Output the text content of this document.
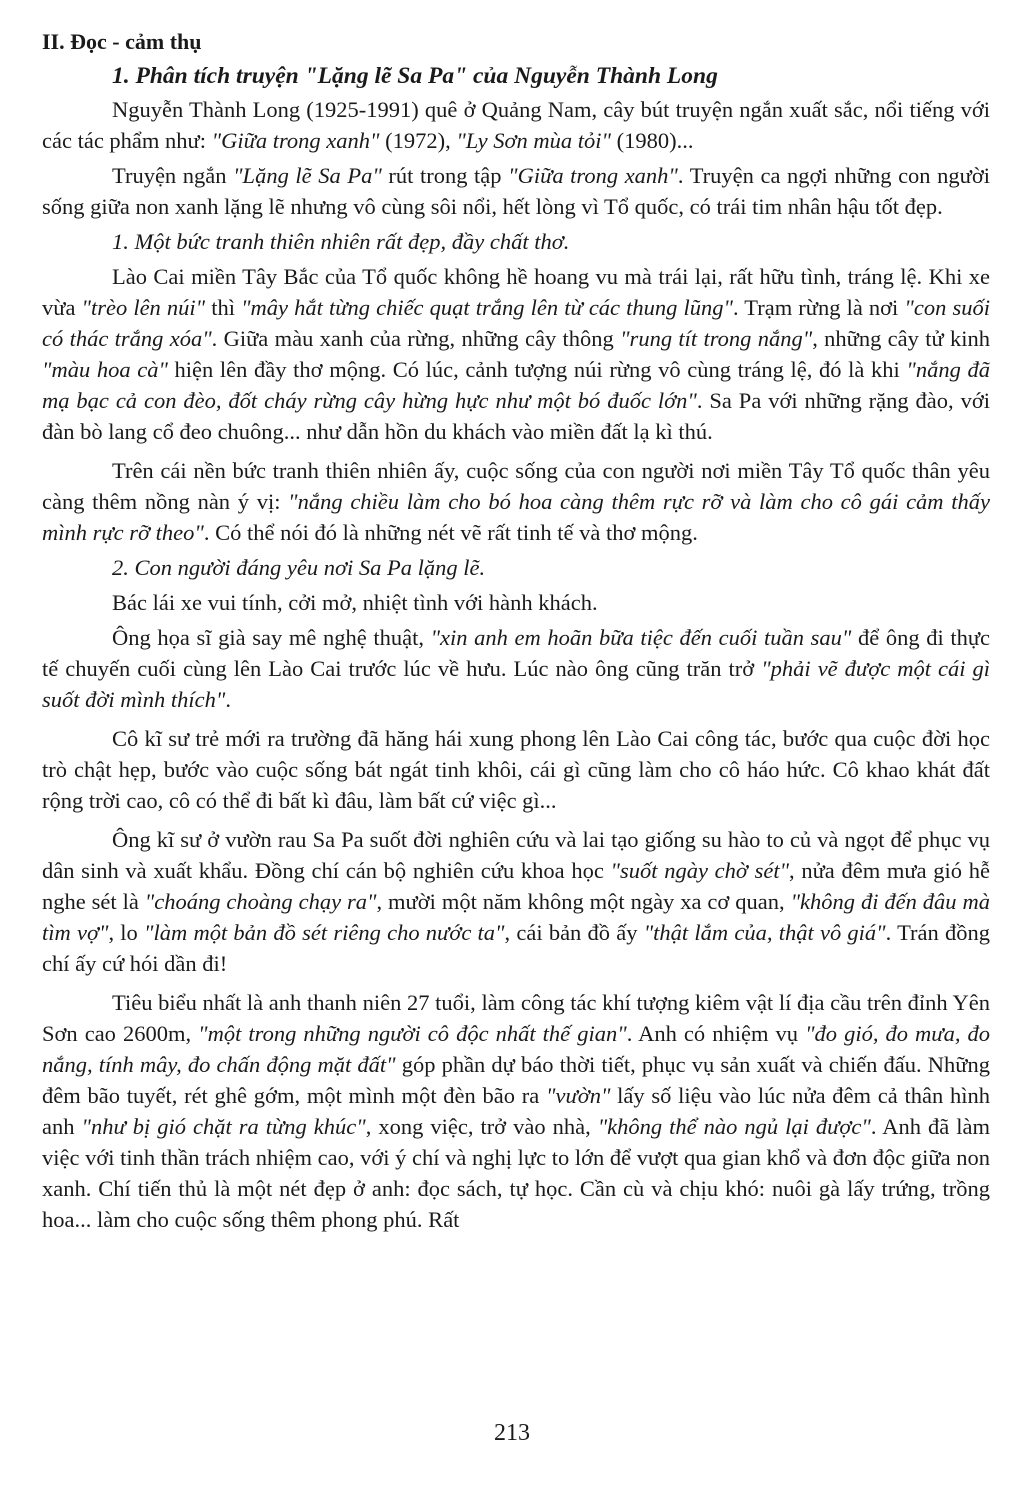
II. Đọc - cảm thụ
1. Phân tích truyện "Lặng lẽ Sa Pa" của Nguyễn Thành Long

Nguyễn Thành Long (1925-1991) quê ở Quảng Nam, cây bút truyện ngắn xuất sắc, nổi tiếng với các tác phẩm như: "Giữa trong xanh" (1972), "Ly Sơn mùa tỏi" (1980)...

Truyện ngắn "Lặng lẽ Sa Pa" rút trong tập "Giữa trong xanh". Truyện ca ngợi những con người sống giữa non xanh lặng lẽ nhưng vô cùng sôi nổi, hết lòng vì Tổ quốc, có trái tim nhân hậu tốt đẹp.

1. Một bức tranh thiên nhiên rất đẹp, đầy chất thơ.

Lào Cai miền Tây Bắc của Tổ quốc không hề hoang vu mà trái lại, rất hữu tình, tráng lệ. Khi xe vừa "trèo lên núi" thì "mây hắt từng chiếc quạt trắng lên từ các thung lũng". Trạm rừng là nơi "con suối có thác trắng xóa". Giữa màu xanh của rừng, những cây thông "rung tít trong nắng", những cây tử kinh "màu hoa cà" hiện lên đầy thơ mộng. Có lúc, cảnh tượng núi rừng vô cùng tráng lệ, đó là khi "nắng đã mạ bạc cả con đèo, đốt cháy rừng cây hừng hực như một bó đuốc lớn". Sa Pa với những rặng đào, với đàn bò lang cổ đeo chuông... như dẫn hồn du khách vào miền đất lạ kì thú.

Trên cái nền bức tranh thiên nhiên ấy, cuộc sống của con người nơi miền Tây Tổ quốc thân yêu càng thêm nồng nàn ý vị: "nắng chiều làm cho bó hoa càng thêm rực rỡ và làm cho cô gái cảm thấy mình rực rỡ theo". Có thể nói đó là những nét vẽ rất tinh tế và thơ mộng.

2. Con người đáng yêu nơi Sa Pa lặng lẽ.

Bác lái xe vui tính, cởi mở, nhiệt tình với hành khách.

Ông họa sĩ già say mê nghệ thuật, "xin anh em hoãn bữa tiệc đến cuối tuần sau" để ông đi thực tế chuyến cuối cùng lên Lào Cai trước lúc về hưu. Lúc nào ông cũng trăn trở "phải vẽ được một cái gì suốt đời mình thích".

Cô kĩ sư trẻ mới ra trường đã hăng hái xung phong lên Lào Cai công tác, bước qua cuộc đời học trò chật hẹp, bước vào cuộc sống bát ngát tinh khôi, cái gì cũng làm cho cô háo hức. Cô khao khát đất rộng trời cao, cô có thể đi bất kì đâu, làm bất cứ việc gì...

Ông kĩ sư ở vườn rau Sa Pa suốt đời nghiên cứu và lai tạo giống su hào to củ và ngọt để phục vụ dân sinh và xuất khẩu. Đồng chí cán bộ nghiên cứu khoa học "suốt ngày chờ sét", nửa đêm mưa gió hễ nghe sét là "choáng choàng chạy ra", mười một năm không một ngày xa cơ quan, "không đi đến đâu mà tìm vợ", lo "làm một bản đồ sét riêng cho nước ta", cái bản đồ ấy "thật lắm của, thật vô giá". Trán đồng chí ấy cứ hói dần đi!

Tiêu biểu nhất là anh thanh niên 27 tuổi, làm công tác khí tượng kiêm vật lí địa cầu trên đỉnh Yên Sơn cao 2600m, "một trong những người cô độc nhất thế gian". Anh có nhiệm vụ "đo gió, đo mưa, đo nắng, tính mây, đo chấn động mặt đất" góp phần dự báo thời tiết, phục vụ sản xuất và chiến đấu. Những đêm bão tuyết, rét ghê gớm, một mình một đèn bão ra "vườn" lấy số liệu vào lúc nửa đêm cả thân hình anh "như bị gió chặt ra từng khúc", xong việc, trở vào nhà, "không thể nào ngủ lại được". Anh đã làm việc với tinh thần trách nhiệm cao, với ý chí và nghị lực to lớn để vượt qua gian khổ và đơn độc giữa non xanh. Chí tiến thủ là một nét đẹp ở anh: đọc sách, tự học. Cần cù và chịu khó: nuôi gà lấy trứng, trồng hoa... làm cho cuộc sống thêm phong phú. Rất

213
